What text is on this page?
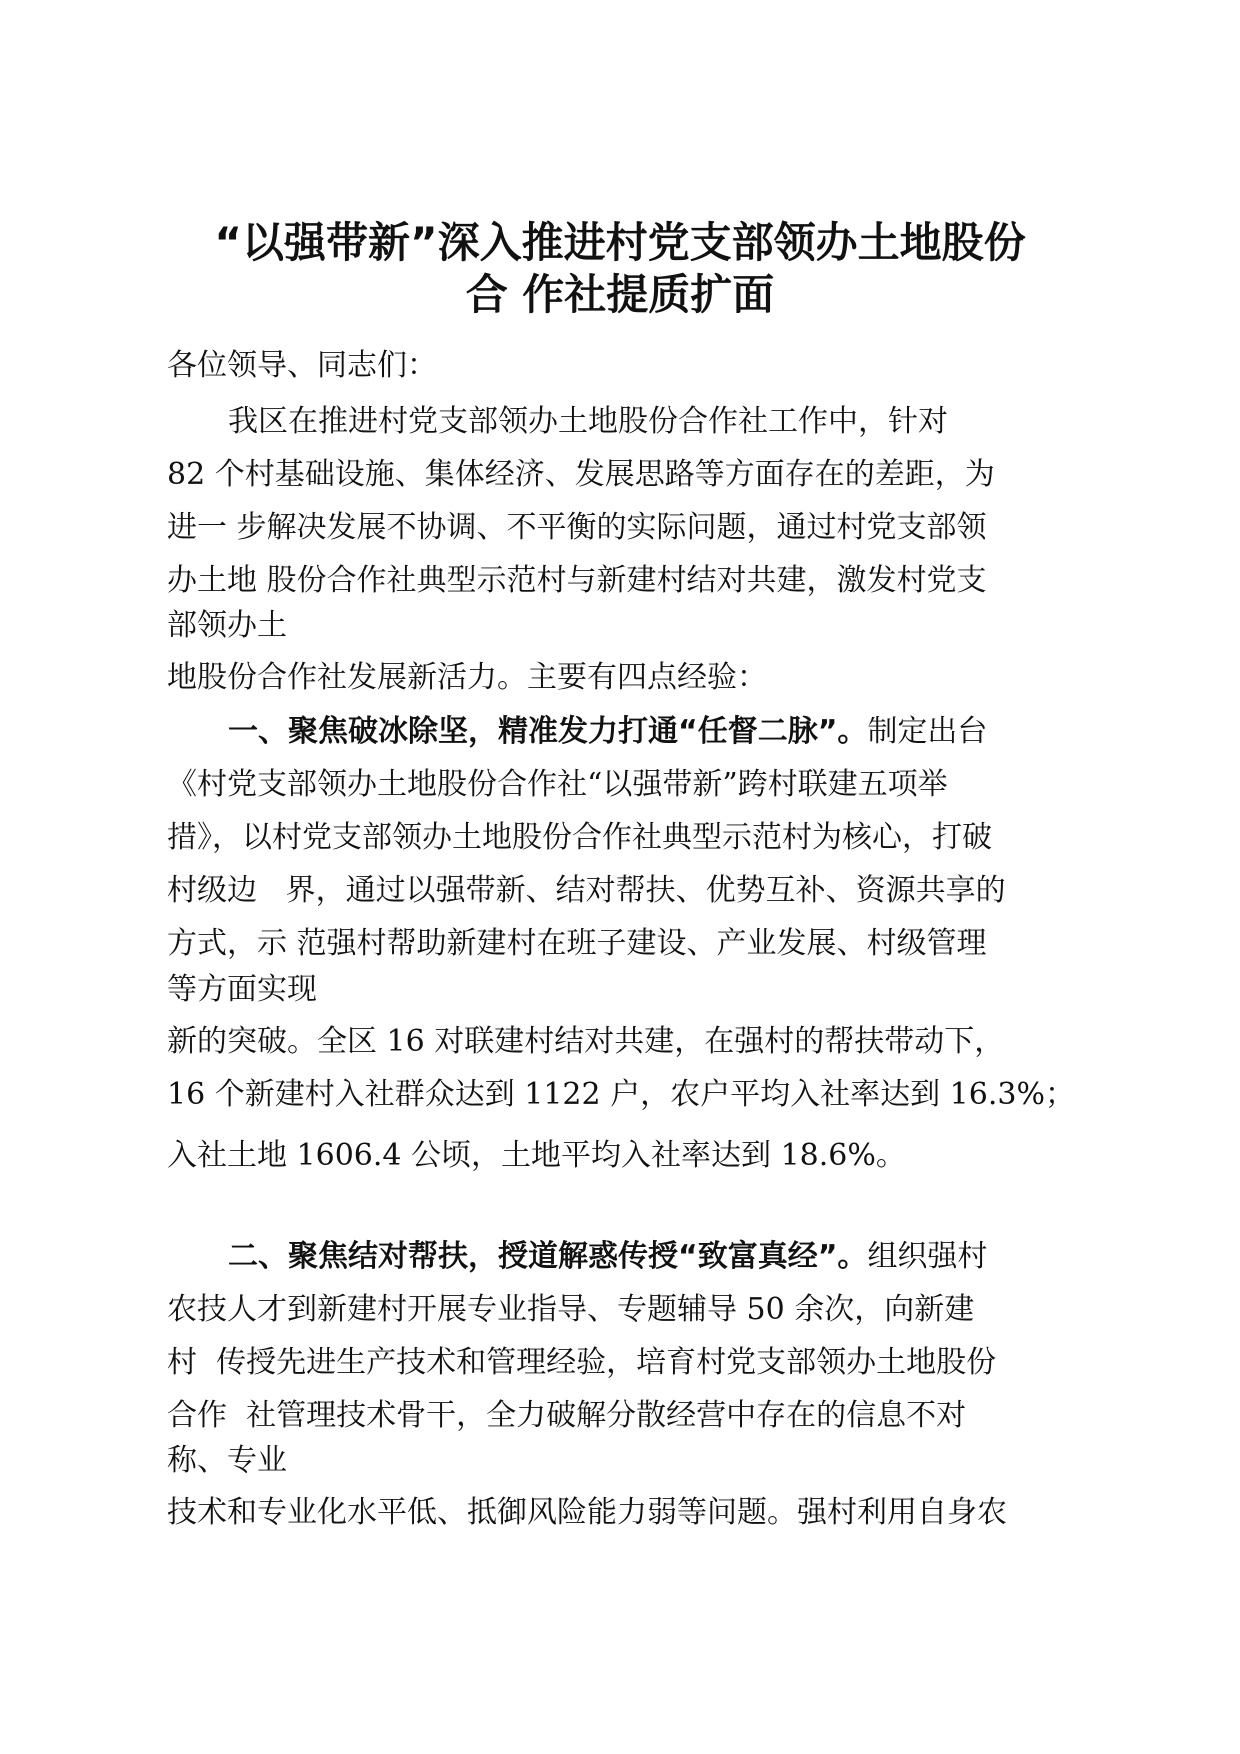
“以强带新”深入推进村党支部领办土地股份
合 作社提质扩面

各位领导、同志们：

我区在推进村党支部领办土地股份合作社工作中，针对

82 个村基础设施、集体经济、发展思路等方面存在的差距，为

进一 步解决发展不协调、不平衡的实际问题，通过村党支部领

办土地 股份合作社典型示范村与新建村结对共建，激发村党支

部领办土

地股份合作社发展新活力。主要有四点经验：

一、聚焦破冰除坚，精准发力打通“任督二脉”。制定出台

《村党支部领办土地股份合作社“以强带新”跨村联建五项举

措》，以村党支部领办土地股份合作社典型示范村为核心，打破

村级边   界，通过以强带新、结对帮扶、优势互补、资源共享的

方式，示 范强村帮助新建村在班子建设、产业发展、村级管理

等方面实现

新的突破。全区 16 对联建村结对共建，在强村的帮扶带动下，

16 个新建村入社群众达到 1122 户，农户平均入社率达到 16.3%；

入社土地 1606.4 公顷，土地平均入社率达到 18.6%。

二、聚焦结对帮扶，授道解惑传授“致富真经”。组织强村

农技人才到新建村开展专业指导、专题辅导 50 余次，向新建

村  传授先进生产技术和管理经验，培育村党支部领办土地股份

合作  社管理技术骨干，全力破解分散经营中存在的信息不对

称、专业

技术和专业化水平低、抵御风险能力弱等问题。强村利用自身农
